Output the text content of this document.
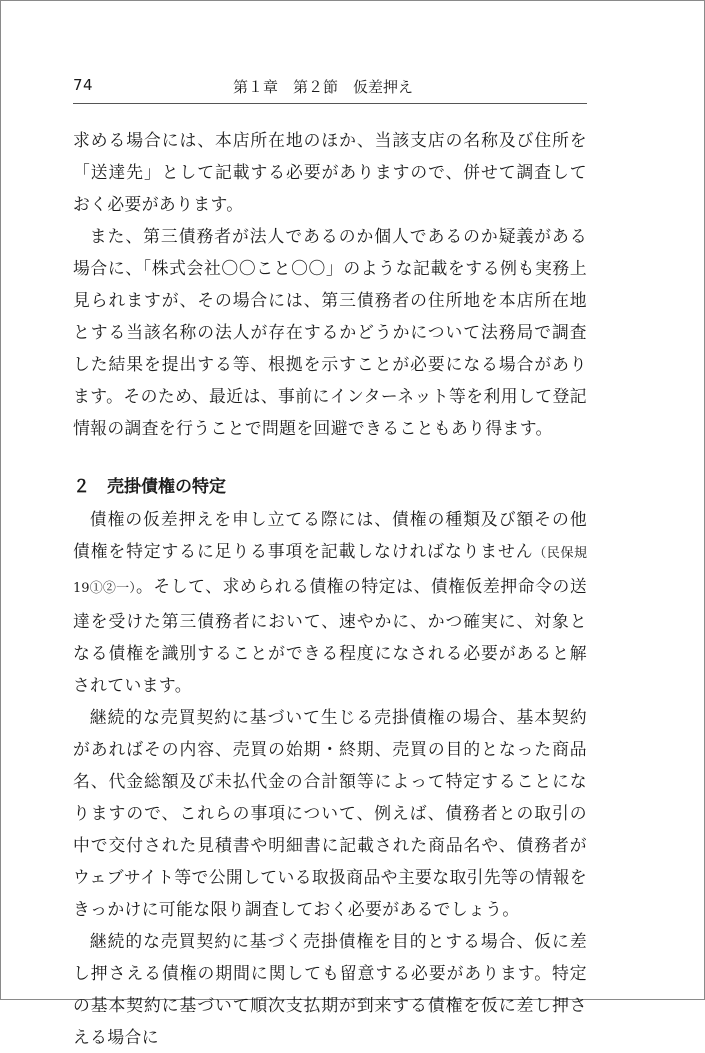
74	第１章　第２節　仮差押え

求める場合には、本店所在地のほか、当該支店の名称及び住所を「送達先」として記載する必要がありますので、併せて調査しておく必要があります。

また、第三債務者が法人であるのか個人であるのか疑義がある場合に、「株式会社〇〇こと〇〇」のような記載をする例も実務上見られますが、その場合には、第三債務者の住所地を本店所在地とする当該名称の法人が存在するかどうかについて法務局で調査した結果を提出する等、根拠を示すことが必要になる場合があります。そのため、最近は、事前にインターネット等を利用して登記情報の調査を行うことで問題を回避できることもあり得ます。

２　売掛債権の特定

債権の仮差押えを申し立てる際には、債権の種類及び額その他債権を特定するに足りる事項を記載しなければなりません（民保規19①②一）。そして、求められる債権の特定は、債権仮差押命令の送達を受けた第三債務者において、速やかに、かつ確実に、対象となる債権を識別することができる程度になされる必要があると解されています。

継続的な売買契約に基づいて生じる売掛債権の場合、基本契約があればその内容、売買の始期・終期、売買の目的となった商品名、代金総額及び未払代金の合計額等によって特定することになりますので、これらの事項について、例えば、債務者との取引の中で交付された見積書や明細書に記載された商品名や、債務者がウェブサイト等で公開している取扱商品や主要な取引先等の情報をきっかけに可能な限り調査しておく必要があるでしょう。

継続的な売買契約に基づく売掛債権を目的とする場合、仮に差し押さえる債権の期間に関しても留意する必要があります。特定の基本契約に基づいて順次支払期が到来する債権を仮に差し押さえる場合に
